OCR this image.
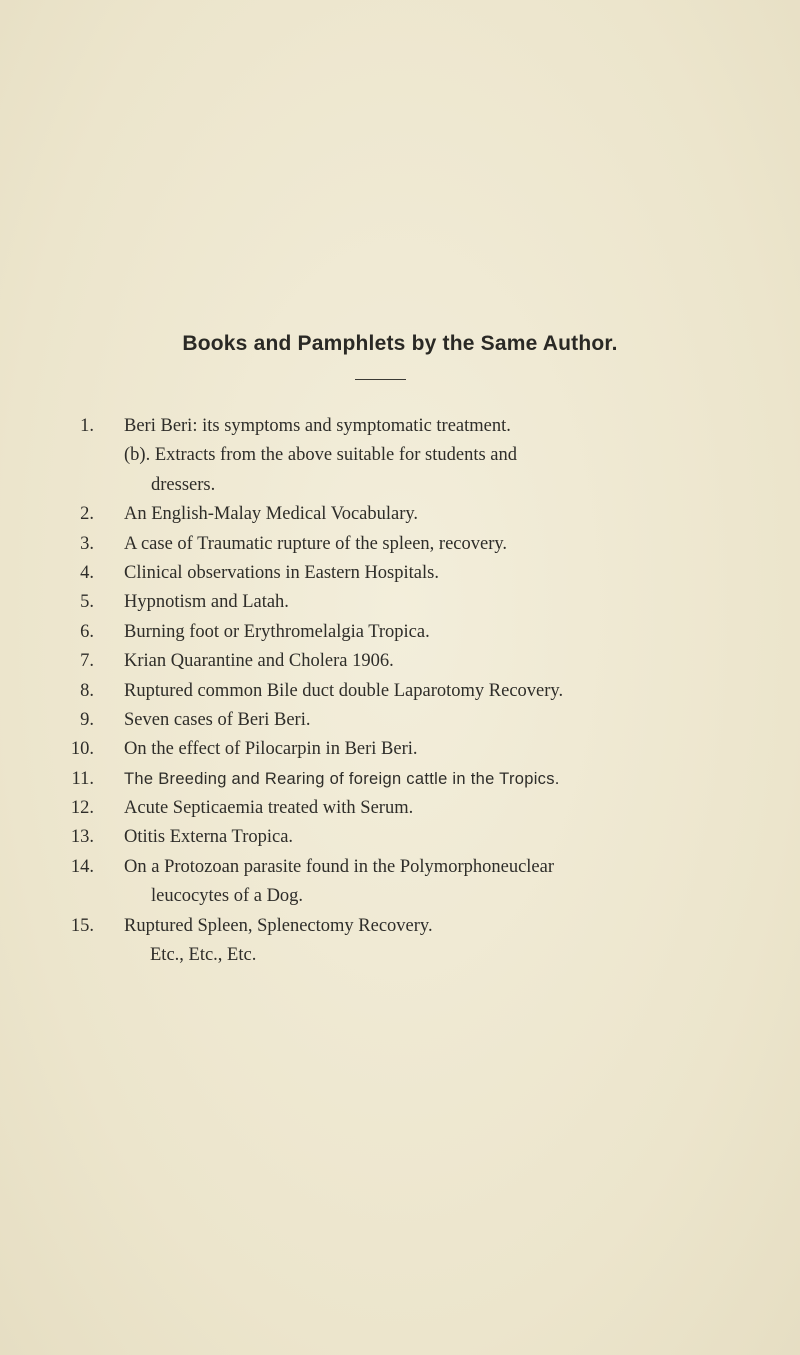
Books and Pamphlets by the Same Author.
1. Beri Beri: its symptoms and symptomatic treatment.
(b). Extracts from the above suitable for students and
dressers.
2. An English-Malay Medical Vocabulary.
3. A case of Traumatic rupture of the spleen, recovery.
4. Clinical observations in Eastern Hospitals.
5. Hypnotism and Latah.
6. Burning foot or Erythromelalgia Tropica.
7. Krian Quarantine and Cholera 1906.
8. Ruptured common Bile duct double Laparotomy Recovery.
9. Seven cases of Beri Beri.
10. On the effect of Pilocarpin in Beri Beri.
11. The Breeding and Rearing of foreign cattle in the Tropics.
12. Acute Septicaemia treated with Serum.
13. Otitis Externa Tropica.
14. On a Protozoan parasite found in the Polymorphoneuclear
leucocytes of a Dog.
15. Ruptured Spleen, Splenectomy Recovery.
Etc., Etc., Etc.
